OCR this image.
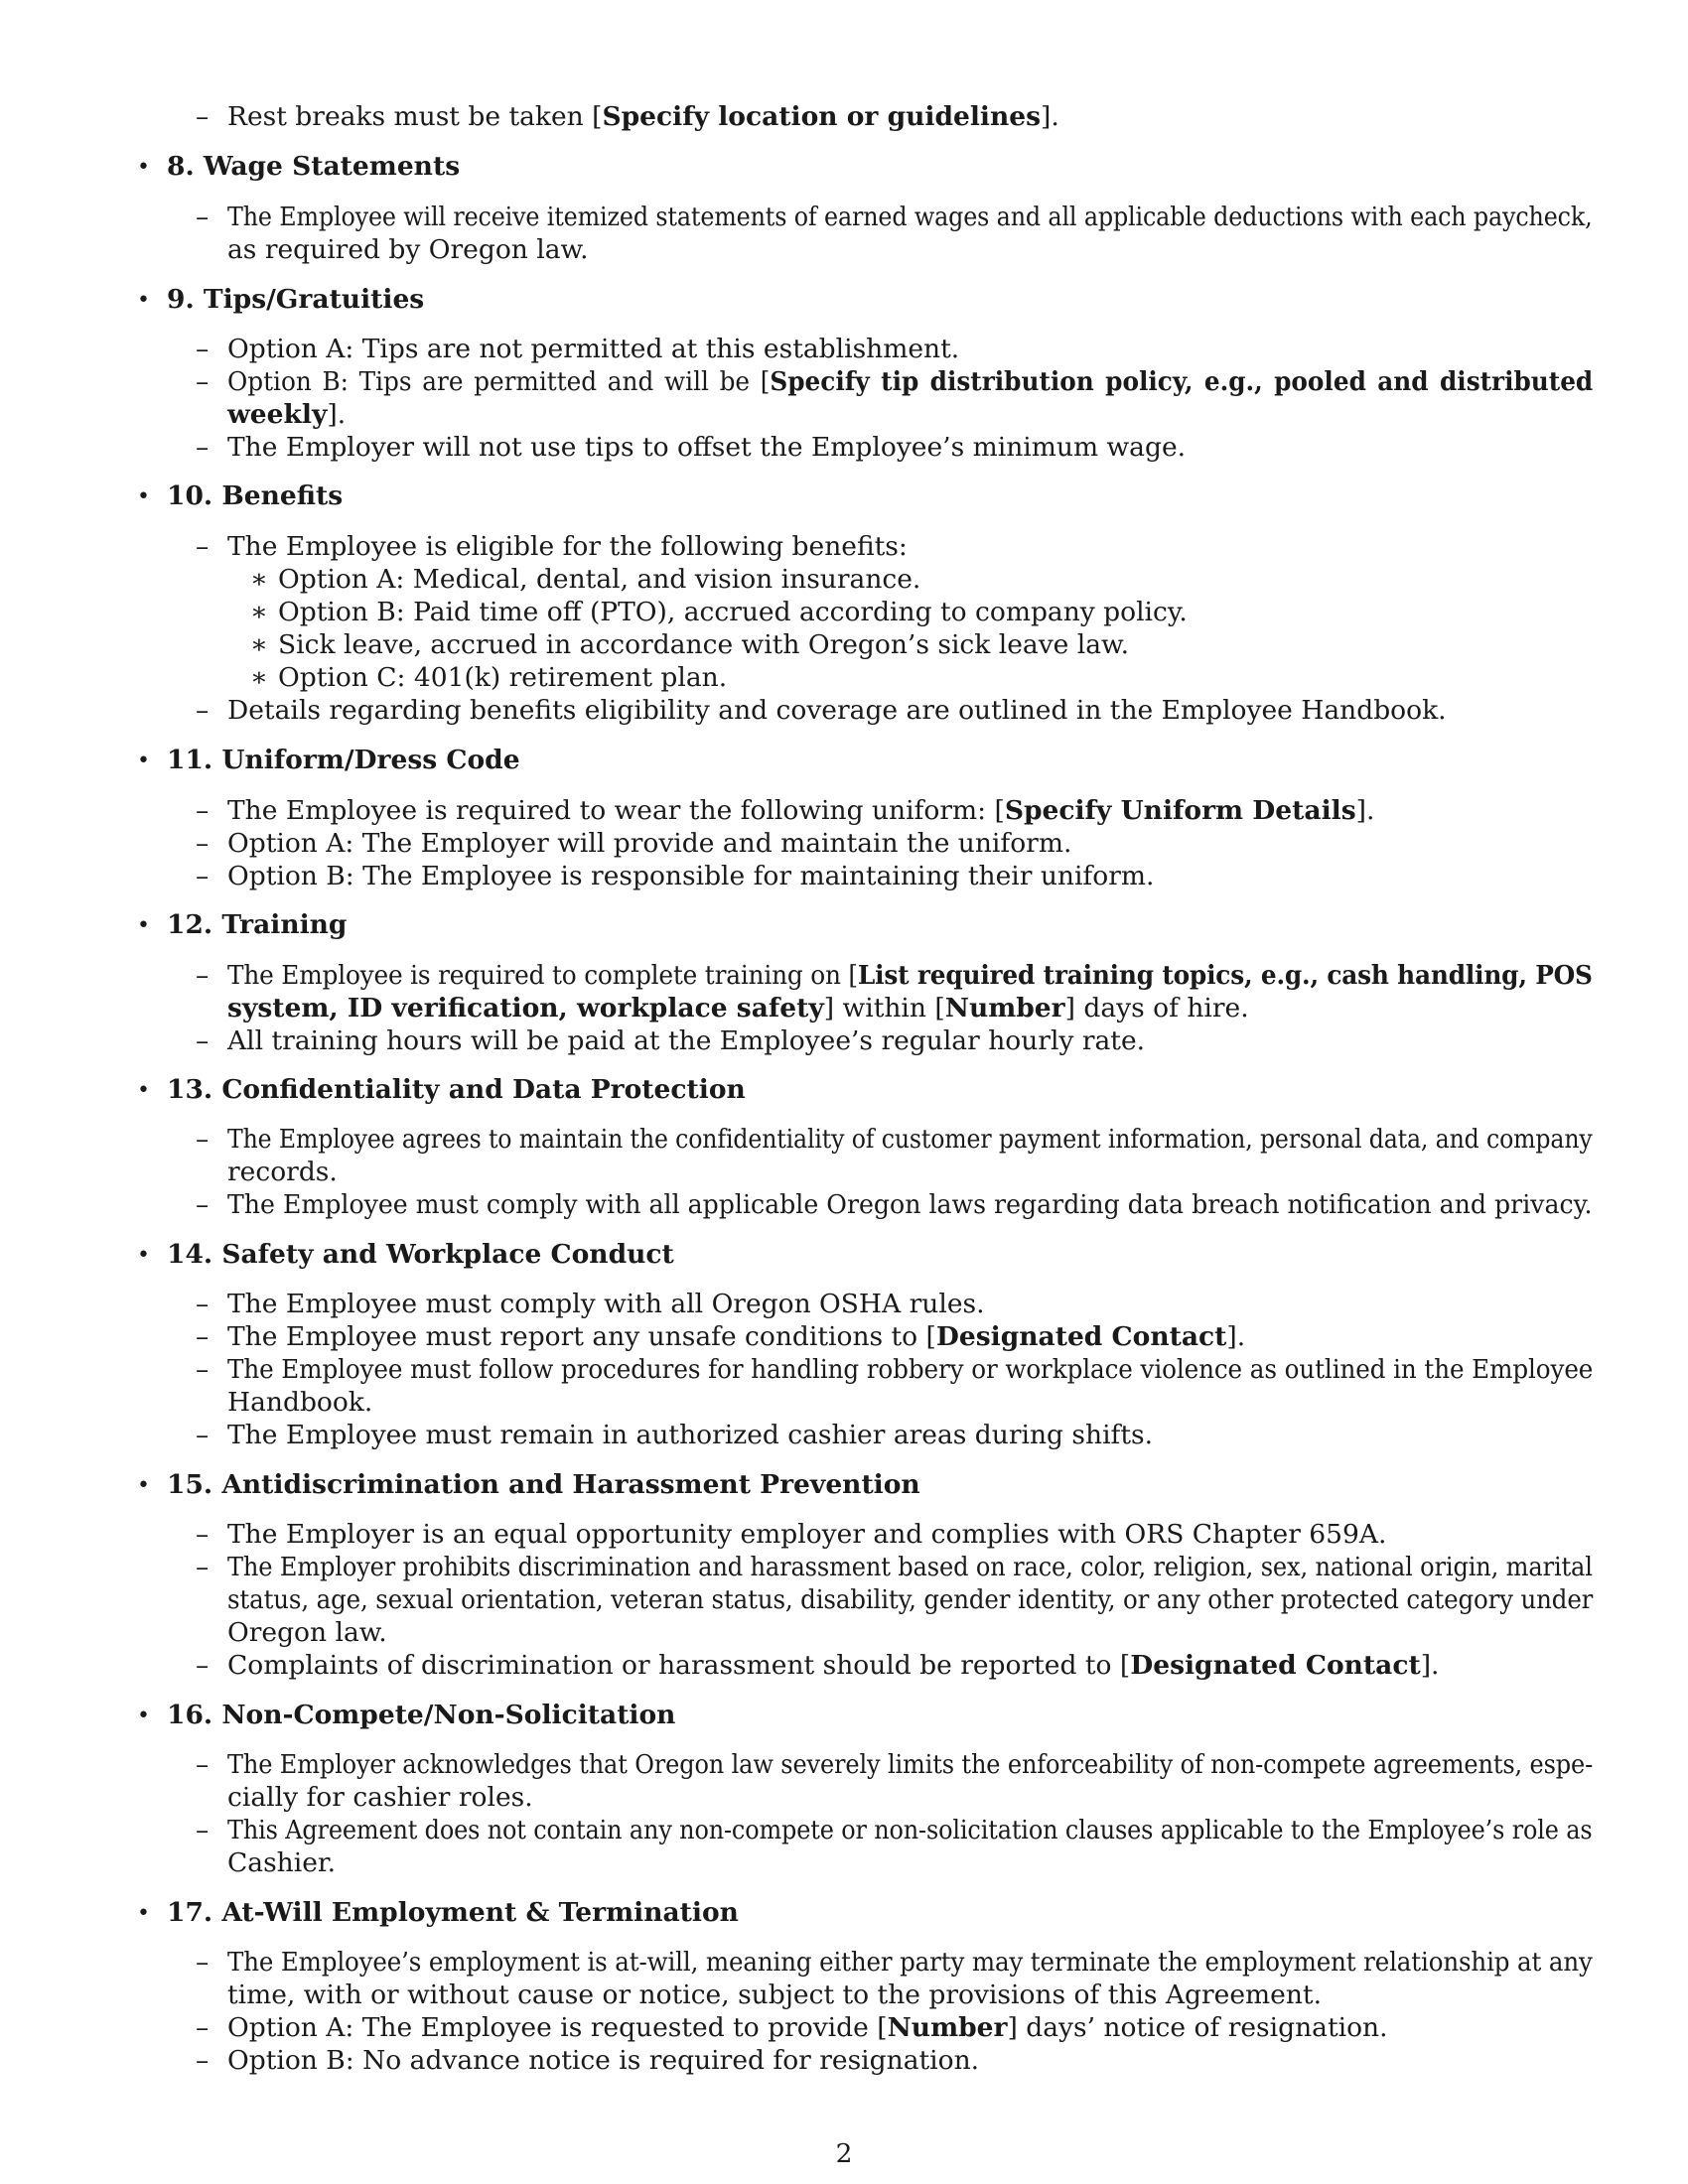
– Rest breaks must be taken [Specify location or guidelines].
• 8. Wage Statements
– The Employee will receive itemized statements of earned wages and all applicable deductions with each paycheck,
as required by Oregon law.
• 9. Tips/Gratuities
– Option A: Tips are not permitted at this establishment.
– Option B: Tips are permitted and will be [Specify tip distribution policy, e.g., pooled and distributed
weekly].
– The Employer will not use tips to offset the Employee’s minimum wage.
• 10. Benefits
– The Employee is eligible for the following benefits:
∗ Option A: Medical, dental, and vision insurance.
∗ Option B: Paid time off (PTO), accrued according to company policy.
∗ Sick leave, accrued in accordance with Oregon’s sick leave law.
∗ Option C: 401(k) retirement plan.
– Details regarding benefits eligibility and coverage are outlined in the Employee Handbook.
• 11. Uniform/Dress Code
– The Employee is required to wear the following uniform: [Specify Uniform Details].
– Option A: The Employer will provide and maintain the uniform.
– Option B: The Employee is responsible for maintaining their uniform.
• 12. Training
– The Employee is required to complete training on [List required training topics, e.g., cash handling, POS
system, ID verification, workplace safety] within [Number] days of hire.
– All training hours will be paid at the Employee’s regular hourly rate.
• 13. Confidentiality and Data Protection
– The Employee agrees to maintain the confidentiality of customer payment information, personal data, and company
records.
– The Employee must comply with all applicable Oregon laws regarding data breach notification and privacy.
• 14. Safety and Workplace Conduct
– The Employee must comply with all Oregon OSHA rules.
– The Employee must report any unsafe conditions to [Designated Contact].
– The Employee must follow procedures for handling robbery or workplace violence as outlined in the Employee
Handbook.
– The Employee must remain in authorized cashier areas during shifts.
• 15. Antidiscrimination and Harassment Prevention
– The Employer is an equal opportunity employer and complies with ORS Chapter 659A.
– The Employer prohibits discrimination and harassment based on race, color, religion, sex, national origin, marital
status, age, sexual orientation, veteran status, disability, gender identity, or any other protected category under
Oregon law.
– Complaints of discrimination or harassment should be reported to [Designated Contact].
• 16. Non-Compete/Non-Solicitation
– The Employer acknowledges that Oregon law severely limits the enforceability of non-compete agreements, espe-
cially for cashier roles.
– This Agreement does not contain any non-compete or non-solicitation clauses applicable to the Employee’s role as
Cashier.
• 17. At-Will Employment & Termination
– The Employee’s employment is at-will, meaning either party may terminate the employment relationship at any
time, with or without cause or notice, subject to the provisions of this Agreement.
– Option A: The Employee is requested to provide [Number] days’ notice of resignation.
– Option B: No advance notice is required for resignation.
2
